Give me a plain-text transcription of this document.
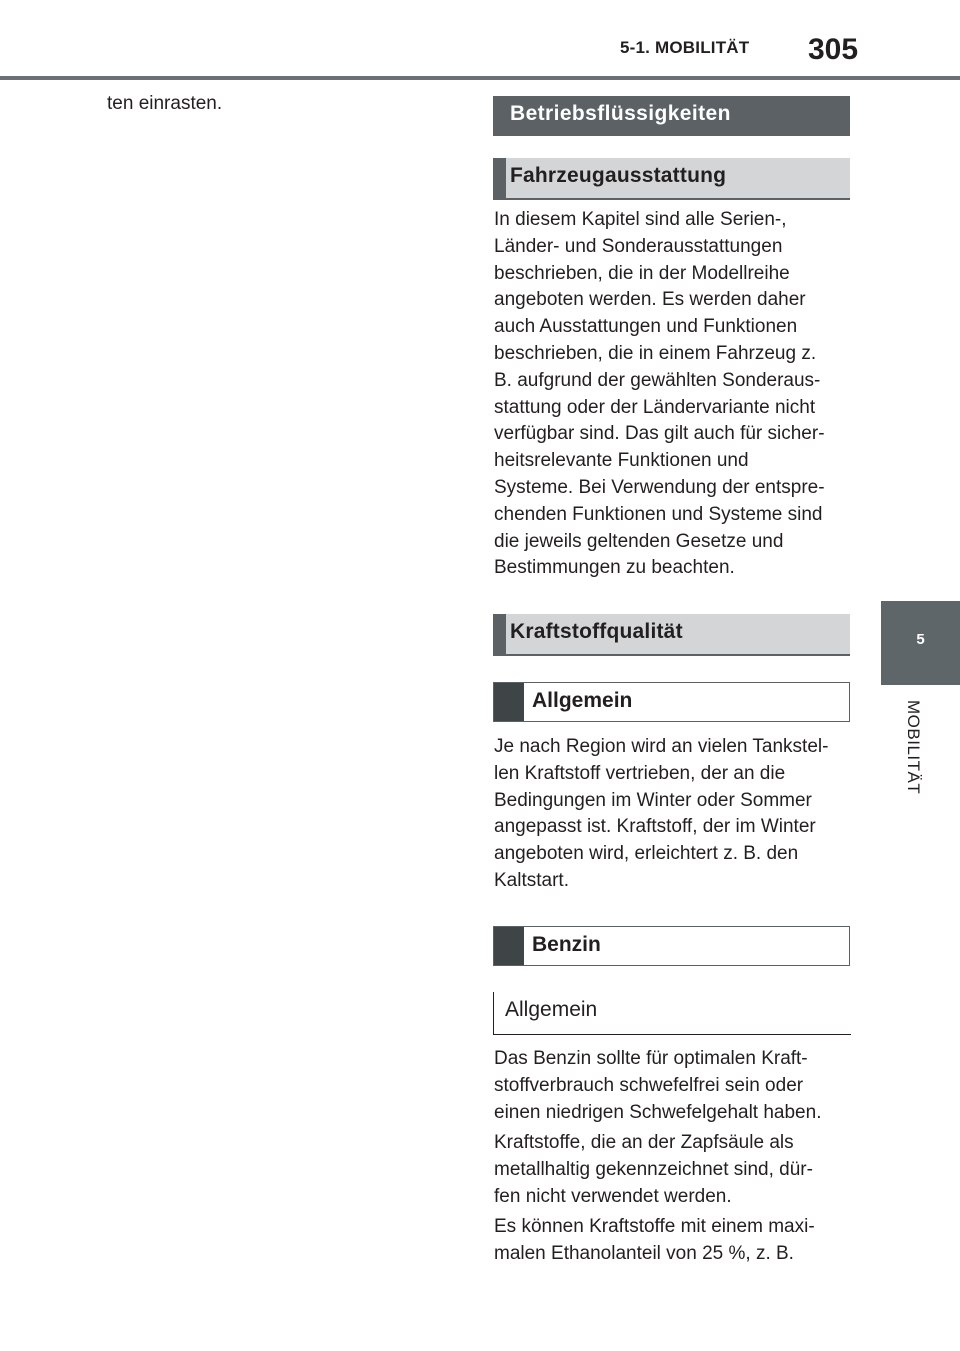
5-1. MOBILITÄT 305
5
MOBILITÄT
ten einrasten.	Betriebsflüssigkeiten
Fahrzeugausstattung
In diesem Kapitel sind alle Serien-,
Länder- und Sonderausstattungen
beschrieben, die in der Modellreihe
angeboten werden. Es werden daher
auch Ausstattungen und Funktionen
beschrieben, die in einem Fahrzeug z.
B. aufgrund der gewählten Sonderaus-
stattung oder der Ländervariante nicht
verfügbar sind. Das gilt auch für sicher-
heitsrelevante Funktionen und
Systeme. Bei Verwendung der entspre-
chenden Funktionen und Systeme sind
die jeweils geltenden Gesetze und
Bestimmungen zu beachten.
Kraftstoffqualität
Allgemein
Je nach Region wird an vielen Tankstel-
len Kraftstoff vertrieben, der an die
Bedingungen im Winter oder Sommer
angepasst ist. Kraftstoff, der im Winter
angeboten wird, erleichtert z. B. den
Kaltstart.
Benzin
Allgemein
Das Benzin sollte für optimalen Kraft-
stoffverbrauch schwefelfrei sein oder
einen niedrigen Schwefelgehalt haben.
Kraftstoffe, die an der Zapfsäule als
metallhaltig gekennzeichnet sind, dür-
fen nicht verwendet werden.
Es können Kraftstoffe mit einem maxi-
malen Ethanolanteil von 25 %, z. B.
